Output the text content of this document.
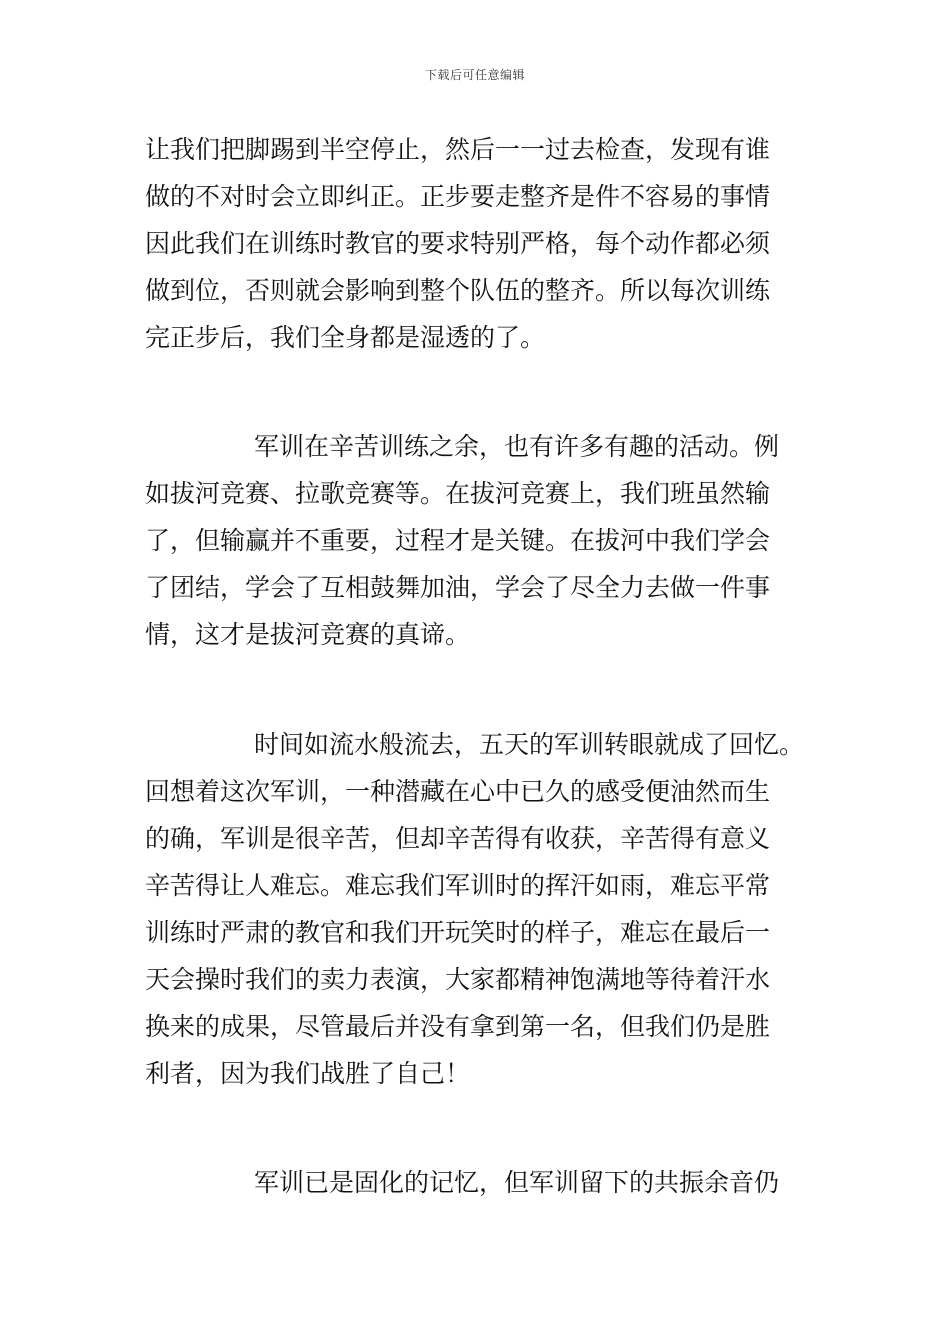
下载后可任意编辑
让我们把脚踢到半空停止，然后一一过去检查，发现有谁
做的不对时会立即纠正。正步要走整齐是件不容易的事情
因此我们在训练时教官的要求特别严格，每个动作都必须
做到位，否则就会影响到整个队伍的整齐。所以每次训练
完正步后，我们全身都是湿透的了。
军训在辛苦训练之余，也有许多有趣的活动。例
如拔河竞赛、拉歌竞赛等。在拔河竞赛上，我们班虽然输
了，但输赢并不重要，过程才是关键。在拔河中我们学会
了团结，学会了互相鼓舞加油，学会了尽全力去做一件事
情，这才是拔河竞赛的真谛。
时间如流水般流去，五天的军训转眼就成了回忆。
回想着这次军训，一种潜藏在心中已久的感受便油然而生
的确，军训是很辛苦，但却辛苦得有收获，辛苦得有意义
辛苦得让人难忘。难忘我们军训时的挥汗如雨，难忘平常
训练时严肃的教官和我们开玩笑时的样子，难忘在最后一
天会操时我们的卖力表演，大家都精神饱满地等待着汗水
换来的成果，尽管最后并没有拿到第一名，但我们仍是胜
利者，因为我们战胜了自己！
军训已是固化的记忆，但军训留下的共振余音仍
